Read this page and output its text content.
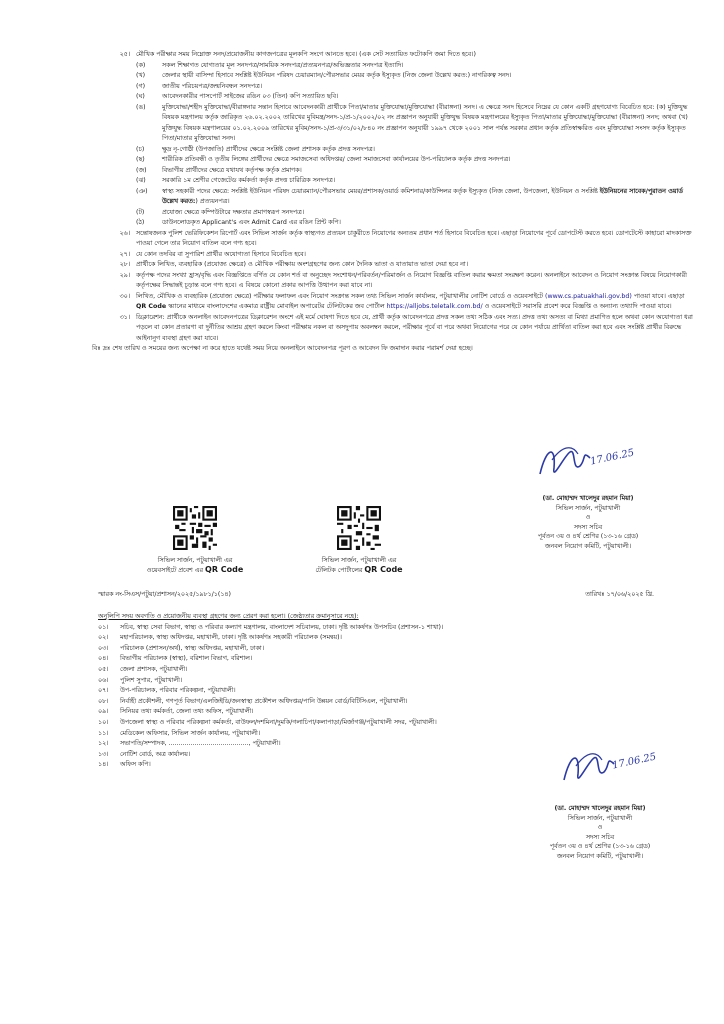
২৫। মৌখিক পরীক্ষার সময় নিম্নোক্ত সনদ/প্রয়োজনীয় কাগজপত্রের মূলকপি সংগে আনতে হবে। (এক সেট সত্যায়িত ফটোকপি জমা দিতে হবে।)
(ক)	সকল শিক্ষাগত যোগ্যতার মূল সনদপত্র/সাময়িক সনদপত্র/প্রত্যয়নপত্র/অভিজ্ঞতার সনদপত্র ইত্যাদি।
(খ)	জেলার স্থায়ী বাসিন্দা হিসাবে সংশ্লিষ্ট ইউনিয়ন পরিষদ চেয়ারম্যান/পৌরসভার মেয়র কর্তৃক ইস্যুকৃত (নিজ জেলা উল্লেখ করত:) নাগরিকত্ব সনদ।
(গ)	জাতীয় পরিচয়পত্র/জন্মনিবন্ধন সনদপত্র।
(ঘ)	আবেদনকারীর পাসপোর্ট সাইজের রঙিন ০৩ (তিন) কপি সত্যায়িত ছবি।
(ঙ)	মুক্তিযোদ্ধা/শহীদ মুক্তিযোদ্ধা/বীরাঙ্গনার সন্তান হিসাবে আবেদনকারী প্রার্থীকে পিতা/মাতার মুক্তিযোদ্ধা/মুক্তিযোদ্ধা (বীরাঙ্গনা) সনদ। এ ক্ষেত্রে সনদ হিসেবে নিম্নের যে কোন একটি গ্রহণযোগ্য বিবেচিত হবে: (ক) মুক্তিযুদ্ধ বিষয়ক মন্ত্রণালয় কর্তৃক জারিকৃত ২৬.০২.২০০২ তারিখের মুবিমন্ত্র/সনদ-১/প্র-১/২০০২/০২ নং প্রজ্ঞাপন অনুযায়ী মুক্তিযুদ্ধ বিষয়ক মন্ত্রণালয়ের ইস্যুকৃত পিতা/মাতার মুক্তিযোদ্ধা/মুক্তিযোদ্ধা (বীরাঙ্গনা) সনদ; অথবা (খ) মুক্তিযুদ্ধ বিষয়ক মন্ত্রণালয়ের ০১.০২.২০০৯ তারিখের মুবিম/সনদ-১/প্র-৩/৩১/০২/৮৪০ নং প্রজ্ঞাপন অনুযায়ী ১৯৯৭ থেকে ২০০১ সাল পর্যন্ত সরকার প্রধান কর্তৃক প্রতিস্বাক্ষরিত এবং মুক্তিযোদ্ধা সংসদ কর্তৃক ইস্যুকৃত পিতা/মাতার মুক্তিযোদ্ধা সনদ।
(চ)	ক্ষুদ্র নৃ-গোষ্ঠী (উপজাতি) প্রার্থীদের ক্ষেত্রে সংশ্লিষ্ট জেলা প্রশাসক কর্তৃক প্রদত্ত সনদপত্র।
(ছ)	শারীরিক প্রতিবন্ধী ও তৃতীয় লিঙ্গের প্রার্থীদের ক্ষেত্রে সমাজসেবা অধিদপ্তর/ জেলা সমাজসেবা কার্যালয়ের উপ-পরিচালক কর্তৃক প্রদত্ত সনদপত্র।
(জ)	বিভাগীয় প্রার্থীদের ক্ষেত্রে যথাযথ কর্তৃপক্ষ কর্তৃক প্রমাণক।
(ঝ)	সরকারি ১ম শ্রেণীর গেজেটেড কর্মকর্তা কর্তৃক প্রদত্ত চারিত্রিক সনদপত্র।
(ঞ)	স্বাস্থ্য সহকারী পদের ক্ষেত্রে: সংশ্লিষ্ট ইউনিয়ন পরিষদ চেয়ারম্যান/পৌরসভার মেয়র/প্রশাসক/ওয়ার্ড কমিশনার/কাউন্সিলর কর্তৃক ইস্যুকৃত (নিজ জেলা, উপজেলা, ইউনিয়ন ও সংশ্লিষ্ট ইউনিয়নের সাবেক/পুরাতন ওয়ার্ড উল্লেখ করত:) প্রত্যয়নপত্র।
(ট)	প্রযোজ্য ক্ষেত্রে কম্পিউটারে দক্ষতার প্রমাণস্বরূপ সনদপত্র।
(ঠ)	ডাউনলোডকৃত Applicant's এবং Admit Card এর রঙিন প্রিন্ট কপি।
২৬। সন্তোষজনক পুলিশ ভেরিফিকেশন রিপোর্ট এবং সিভিল সার্জন কর্তৃক স্বাস্থ্যগত প্রত্যয়ন চাকুরীতে নিয়োগের অন্যতম প্রধান শর্ত হিসাবে বিবেচিত হবে। এছাড়া নিয়োগের পূর্বে ডোপটেস্ট করতে হবে। ডোপটেস্টে কাহারো মাদকাসক্ত পাওয়া গেলে তার নিয়োগ বাতিল বলে গণ্য হবে।
২৭। যে কোন তদবির বা সুপারিশ প্রার্থীর অযোগ্যতা হিসাবে বিবেচিত হবে।
২৮। প্রার্থীকে লিখিত, ব্যবহারিক (প্রযোজ্য ক্ষেত্রে) ও মৌখিক পরীক্ষায় অংশগ্রহণের জন্য কোন দৈনিক ভাতা ও যাতায়াত ভাতা দেয়া হবে না।
২৯। কর্তৃপক্ষ পদের সংখ্যা হ্রাস/বৃদ্ধি এবং বিজ্ঞপ্তিতে বর্ণিত যে কোন শর্ত বা অনুচ্ছেদ সংশোধন/পরিবর্তন/পরিমার্জন ও নিয়োগ বিজ্ঞপ্তি বাতিল করার ক্ষমতা সংরক্ষণ করেন। অনলাইনে আবেদন ও নিয়োগ সংক্রান্ত বিষয়ে নিয়োগকারী কর্তৃপক্ষের সিদ্ধান্তই চূড়ান্ত বলে গণ্য হবে। এ বিষয়ে কোনো প্রকার আপত্তি উত্থাপন করা যাবে না।
৩০। লিখিত, মৌখিক ও ব্যবহারিক (প্রযোজ্য ক্ষেত্রে) পরীক্ষার ফলাফল এবং নিয়োগ সংক্রান্ত সকল তথ্য সিভিল সার্জন কার্যালয়, পটুয়াখালীর নোটিশ বোর্ডে ও ওয়েবসাইটে (www.cs.patuakhali.gov.bd) পাওয়া যাবে। এছাড়া QR Code স্ক্যানের মাধ্যমে বাংলাদেশের একমাত্র রাষ্ট্রীয় মোবাইল অপারেটর টেলিটকের জব পোর্টাল https://alljobs.teletalk.com.bd/ ও ওয়েবসাইটে সরাসরি প্রবেশ করে বিজ্ঞপ্তি ও অন্যান্য তথ্যাদি পাওয়া যাবে।
৩১। ডিক্লারেশন: প্রার্থীকে অনলাইন আবেদনপত্রের ডিক্লারেশন অংশে এই মর্মে ঘোষণা দিতে হবে যে, প্রার্থী কর্তৃক আবেদনপত্রে প্রদত্ত সকল তথ্য সঠিক এবং সত্য। প্রদত্ত তথ্য অসত্য বা মিথ্যা প্রমাণিত হলে অথবা কোন অযোগ্যতা ধরা পড়লে বা কোন প্রতারণা বা দুর্নীতির আশ্রয় গ্রহণ করলে কিংবা পরীক্ষায় নকল বা অসদুপায় অবলম্বন করলে, পরীক্ষার পূর্বে বা পরে অথবা নিয়োগের পরে যে কোন পর্যায়ে প্রার্থিতা বাতিল করা হবে এবং সংশ্লিষ্ট প্রার্থীর বিরুদ্ধে আইনানুগ ব্যবস্থা গ্রহণ করা যাবে।
বিঃ দ্রঃ শেষ তারিখ ও সময়ের জন্য অপেক্ষা না করে হাতে যথেষ্ট সময় নিয়ে অনলাইনে আবেদনপত্র পূরণ ও আবেদন ফি জমাদান করার পরামর্শ দেয়া হচ্ছে।
17.06.25
(ডা. মোহাম্মদ খালেদুর রহমান মিয়া)
সিভিল সার্জন, পটুয়াখালী
ও
সদস্য সচিব
পূর্বতন ৩য় ও ৪র্থ শ্রেণির (১৩-১৬ গ্রেড)
জনবল নিয়োগ কমিটি, পটুয়াখালী।
সিভিল সার্জন, পটুয়াখালী এর
ওয়েবসাইটে প্রবেশ এর QR Code
সিভিল সার্জন, পটুয়াখালী এর
টেলিটক পোর্টালের QR Code
স্মারক নং-সিএস/পটুয়া/প্রশাসন/২০২৫/১৯৮১/১(১৪)	তারিখঃ ১৭/০৬/২০২৫ খ্রি.
অনুলিপি সদয় অবগতি ও প্রয়োজনীয় ব্যবস্থা গ্রহণের জন্য প্রেরণ করা হলো। (জেষ্ঠ্যতার ক্রমানুসারে নহে):
০১।	সচিব, স্বাস্থ্য সেবা বিভাগ, স্বাস্থ্য ও পরিবার কল্যাণ মন্ত্রণালয়, বাংলাদেশ সচিবালয়, ঢাকা। দৃষ্টি আকর্ষণঃ উপসচিব (প্রশাসন-১ শাখা)।
০২।	মহাপরিচালক, স্বাস্থ্য অধিদপ্তর, মহাখালী, ঢাকা। দৃষ্টি আকর্ষণঃ সহকারী পরিচালক (সমন্বয়)।
০৩।	পরিচালক (প্রশাসন/অর্থ), স্বাস্থ্য অধিদপ্তর, মহাখালী, ঢাকা।
০৪।	বিভাগীয় পরিচালক (স্বাস্থ্য), বরিশাল বিভাগ, বরিশাল।
০৫।	জেলা প্রশাসক, পটুয়াখালী।
০৬।	পুলিশ সুপার, পটুয়াখালী।
০৭।	উপ-পরিচালক, পরিবার পরিকল্পনা, পটুয়াখালী।
০৮।	নির্বাহী প্রকৌশলী, গণপূর্ত বিভাগ/এলজিইডি/জনস্বাস্থ্য প্রকৌশল অধিদপ্তর/পানি উন্নয়ন বোর্ড/বিটিসিএল, পটুয়াখালী।
০৯।	সিনিয়র তথ্য কর্মকর্তা, জেলা তথ্য অফিস, পটুয়াখালী।
১০।	উপজেলা স্বাস্থ্য ও পরিবার পরিকল্পনা কর্মকর্তা, বাউফল/দশমিনা/দুমকি/গলাচিপা/কলাপাড়া/মির্জাগঞ্জ/পটুয়াখালী সদর, পটুয়াখালী।
১১।	মেডিকেল অফিসার, সিভিল সার্জন কার্যালয়, পটুয়াখালী।
১২।	সভাপতি/সম্পাদক, ........................................, পটুয়াখালী।
১৩।	নোটিশ বোর্ড, অত্র কার্যালয়।
১৪।	অফিস কপি।	17.06.25
(ডা. মোহাম্মদ খালেদুর রহমান মিয়া)
সিভিল সার্জন, পটুয়াখালী
ও
সদস্য সচিব
পূর্বতন ৩য় ও ৪র্থ শ্রেণির (১৩-১৬ গ্রেড)
জনবল নিয়োগ কমিটি, পটুয়াখালী।
